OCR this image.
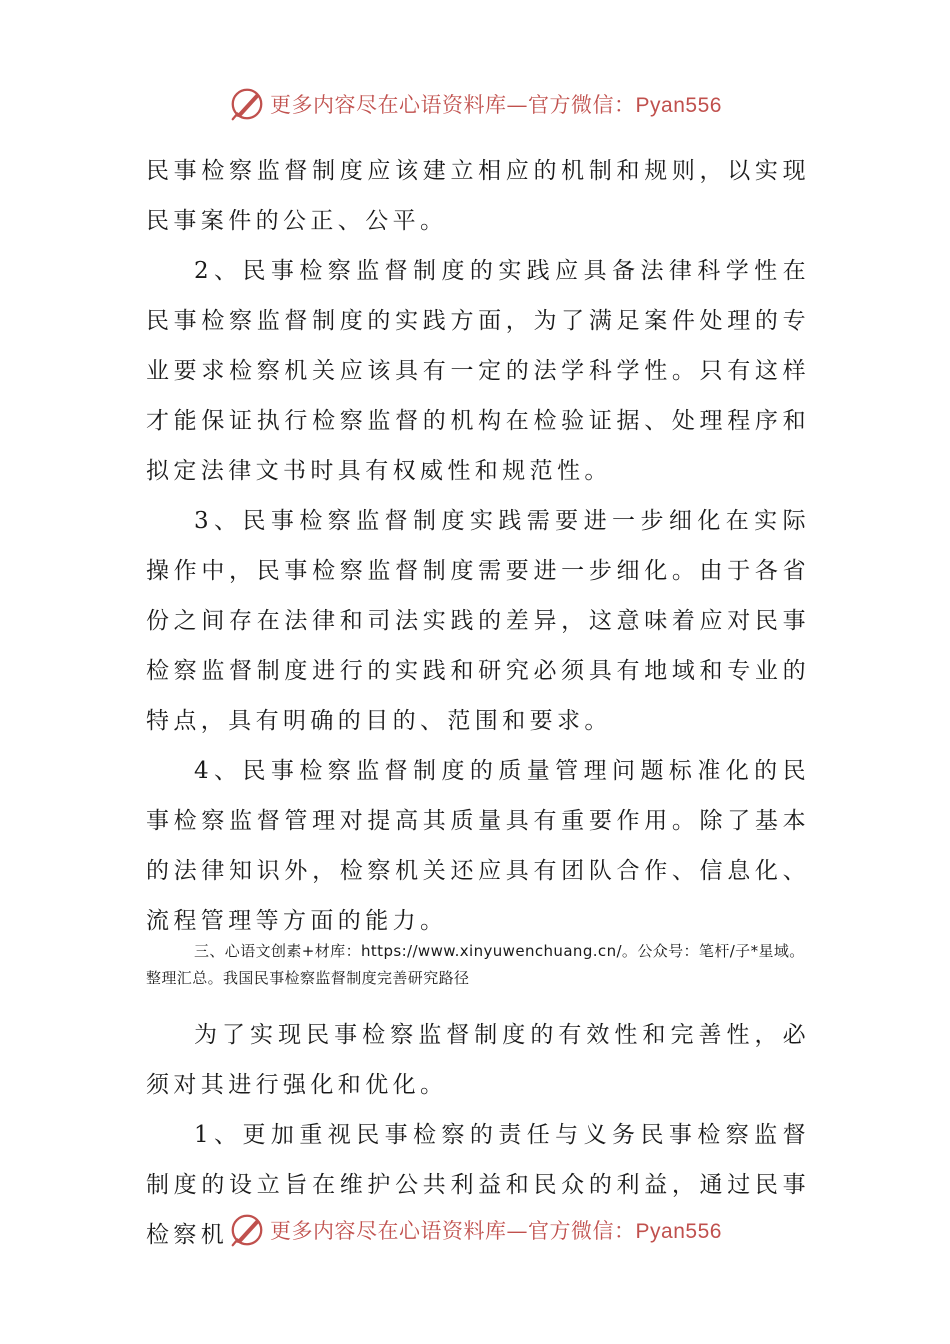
更多内容尽在心语资料库—官方微信：Pyan556

民事检察监督制度应该建立相应的机制和规则，以实现民事案件的公正、公平。

2、民事检察监督制度的实践应具备法律科学性在民事检察监督制度的实践方面，为了满足案件处理的专业要求检察机关应该具有一定的法学科学性。只有这样才能保证执行检察监督的机构在检验证据、处理程序和拟定法律文书时具有权威性和规范性。

3、民事检察监督制度实践需要进一步细化在实际操作中，民事检察监督制度需要进一步细化。由于各省份之间存在法律和司法实践的差异，这意味着应对民事检察监督制度进行的实践和研究必须具有地域和专业的特点，具有明确的目的、范围和要求。

4、民事检察监督制度的质量管理问题标准化的民事检察监督管理对提高其质量具有重要作用。除了基本的法律知识外，检察机关还应具有团队合作、信息化、流程管理等方面的能力。

三、心语文创素+材库：https://www.xinyuwenchuang.cn/。公众号：笔杆/子*星域。整理汇总。我国民事检察监督制度完善研究路径

为了实现民事检察监督制度的有效性和完善性，必须对其进行强化和优化。

1、更加重视民事检察的责任与义务民事检察监督制度的设立旨在维护公共利益和民众的利益，通过民事检察机	更多内容尽在心语资料库—官方微信：Pyan556
